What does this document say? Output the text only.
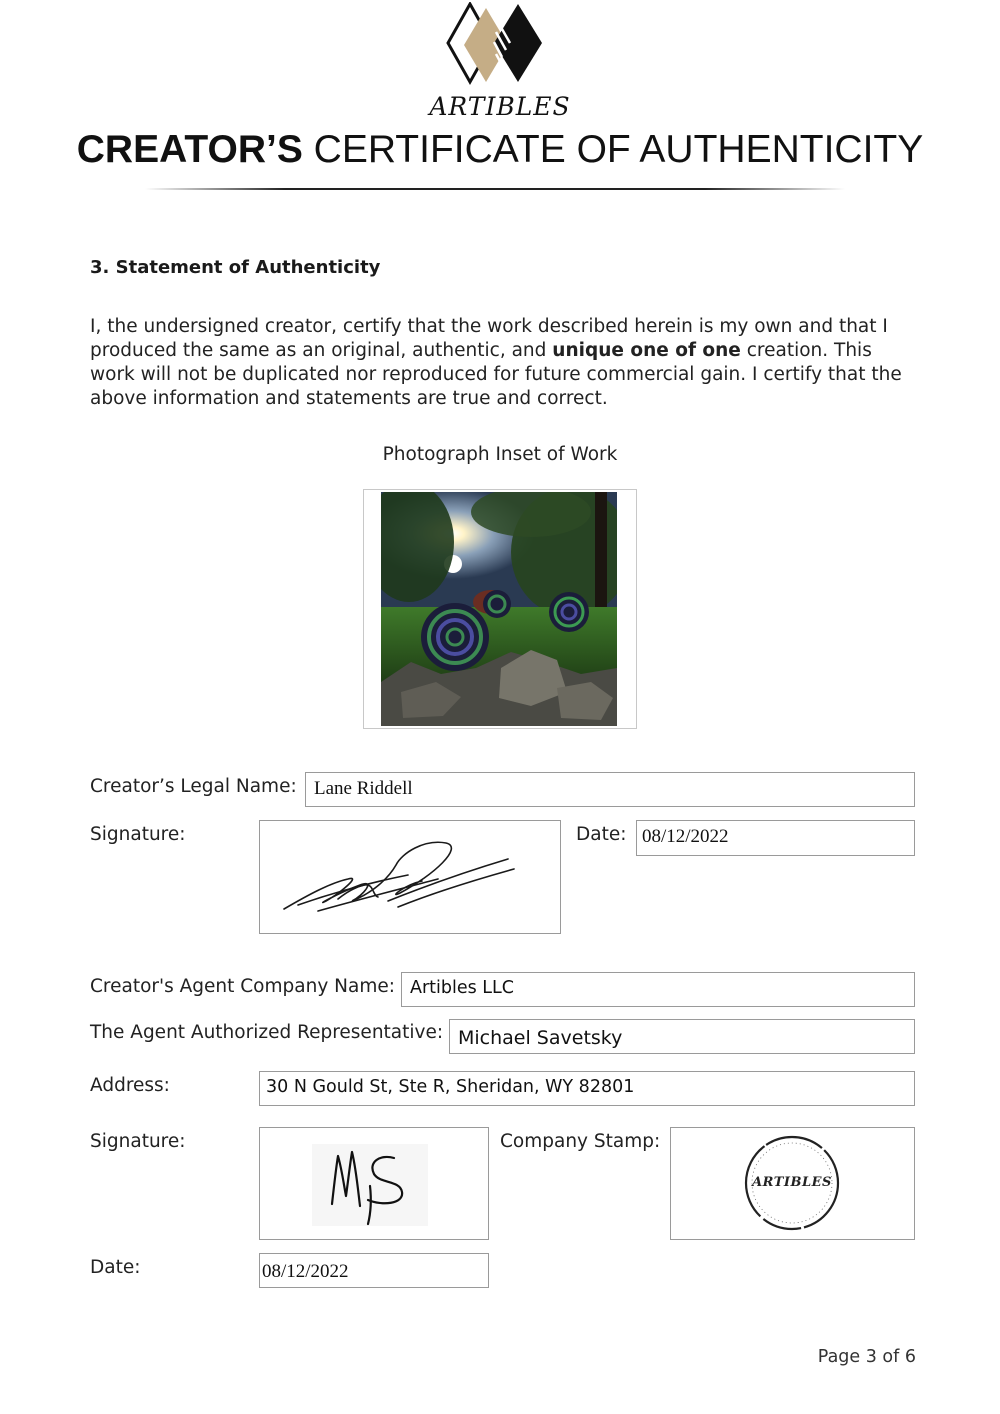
ARTIBLES
CREATOR’S CERTIFICATE OF AUTHENTICITY
3. Statement of Authenticity
I, the undersigned creator, certify that the work described herein is my own and that I produced the same as an original, authentic, and unique one of one creation. This work will not be duplicated nor reproduced for future commercial gain. I certify that the above information and statements are true and correct.
Photograph Inset of Work
Creator’s Legal Name: Lane Riddell
Signature:	Date: 08/12/2022
Creator's Agent Company Name: Artibles LLC
The Agent Authorized Representative: Michael Savetsky
Address:	30 N Gould St, Ste R, Sheridan, WY 82801
Signature:	Company Stamp:
ARTIBLES
Date:	08/12/2022
Page 3 of 6
